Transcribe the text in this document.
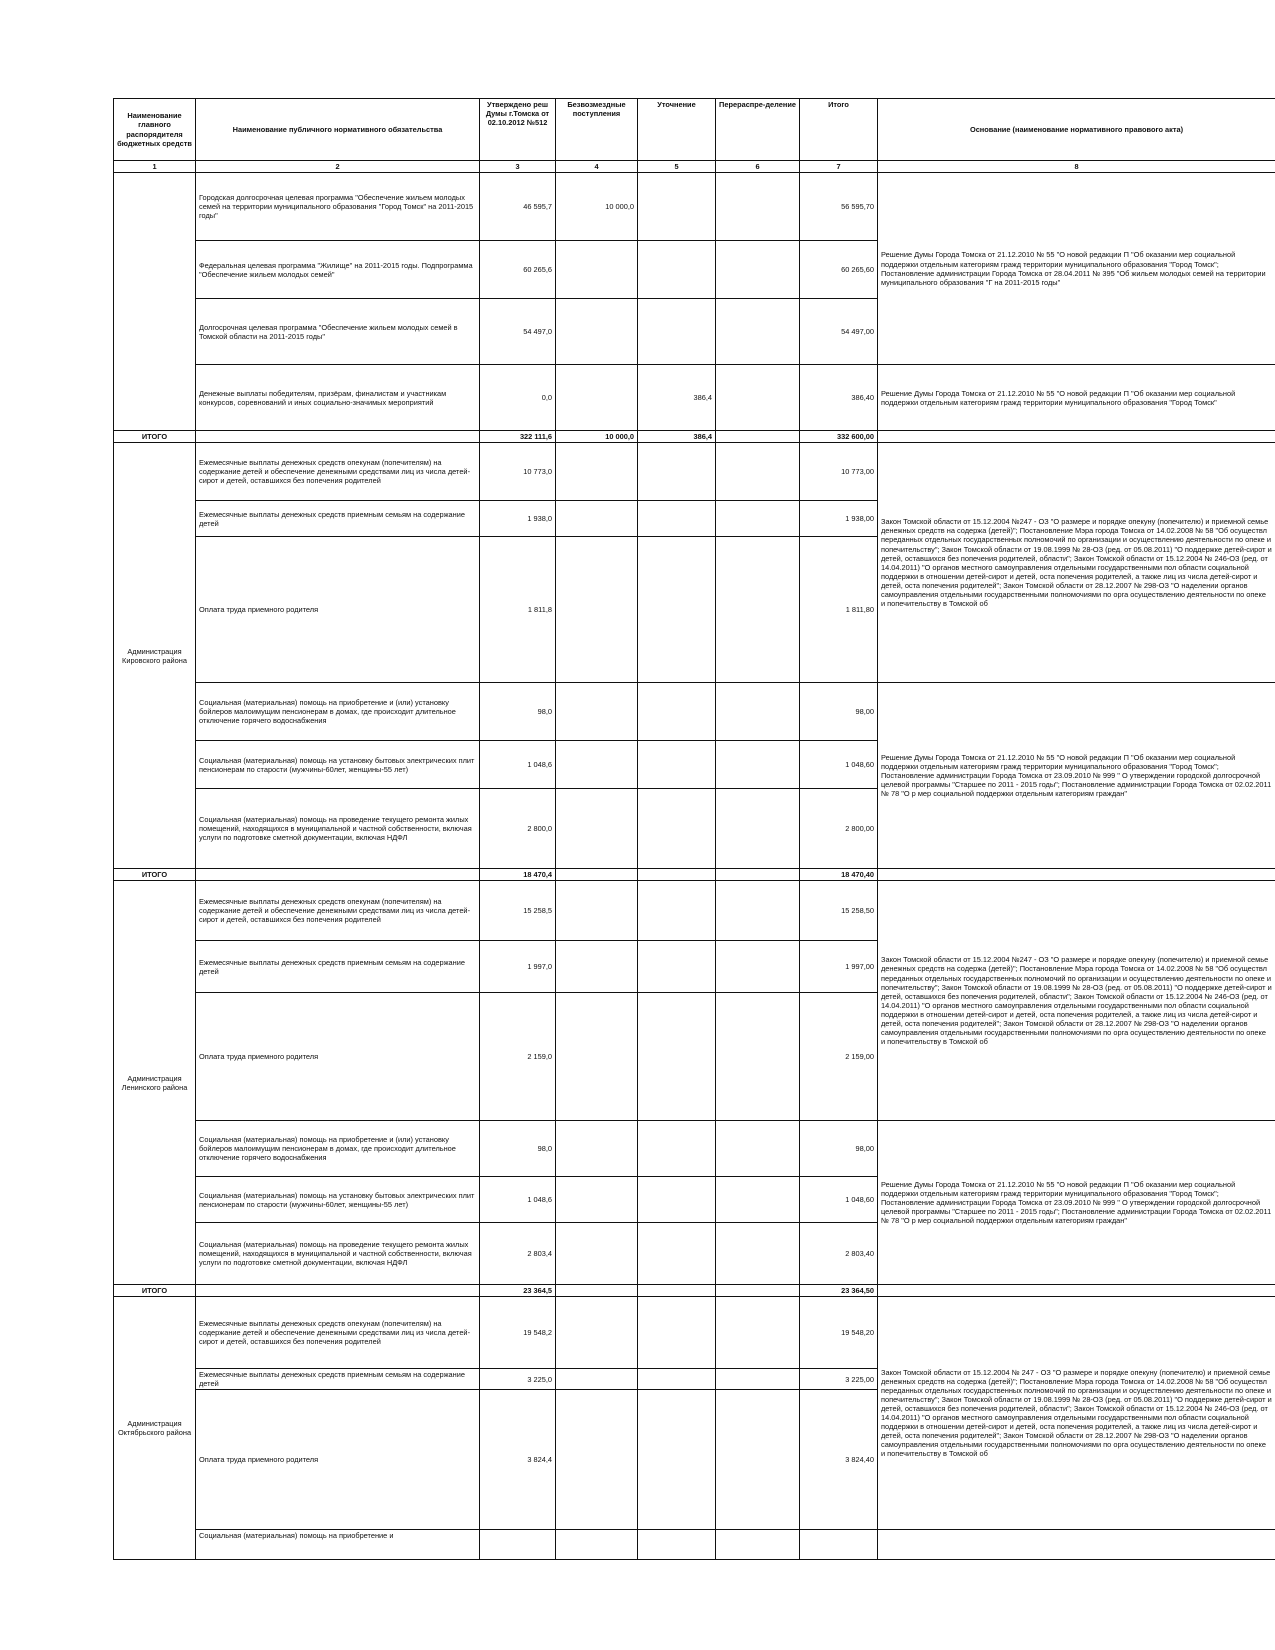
Наименование главного распорядителя бюджетных средств	Наименование публичного нормативного обязательства	Утверждено реш Думы г.Томска от 02.10.2012 №512	Безвозмездные поступления	Уточнение	Перераспре-деление	Итого	Основание (наименование нормативного правового акта)
1	2	3	4	5	6	7	8
	Городская долгосрочная целевая программа "Обеспечение жильем молодых семей на территории муниципального образования "Город Томск" на 2011-2015 годы"	46 595,7	10 000,0			56 595,70	Решение Думы Города Томска от 21.12.2010 № 55 "О новой редакции П "Об оказании мер социальной поддержки отдельным категориям гражд территории муниципального образования "Город Томск"; Постановление администрации Города Томска от 28.04.2011 № 395 "Об жильем молодых семей на территории муниципального образования "Г на 2011-2015 годы"
	Федеральная целевая программа "Жилище" на 2011-2015 годы. Подпрограмма "Обеспечение жильем молодых семей"	60 265,6				60 265,60	
	Долгосрочная целевая программа "Обеспечение жильем молодых семей в Томской области на 2011-2015 годы"	54 497,0				54 497,00	
	Денежные выплаты победителям, призёрам, финалистам и участникам конкурсов, соревнований и иных социально-значимых мероприятий	0,0		386,4		386,40	Решение Думы Города Томска от 21.12.2010 № 55 "О новой редакции П "Об оказании мер социальной поддержки отдельным категориям гражд территории муниципального образования "Город Томск"
ИТОГО		322 111,6	10 000,0	386,4		332 600,00	
Администрация Кировского района	Ежемесячные выплаты денежных средств опекунам (попечителям) на содержание детей и обеспечение денежными средствами лиц из числа детей-сирот и детей, оставшихся без попечения родителей	10 773,0				10 773,00	Закон Томской области от 15.12.2004 №247 - ОЗ "О размере и порядке опекуну (попечителю) и приемной семье денежных средств на содержа (детей)"; Постановление Мэра города Томска от 14.02.2008 № 58 "Об осуществл переданных отдельных государственных полномочий по организации и осуществлению деятельности по опеке и попечительству"; Закон Томской области от 19.08.1999 № 28-ОЗ (ред. от 05.08.2011) "О поддержке детей-сирот и детей, оставшихся без попечения родителей, области"; Закон Томской области от 15.12.2004 № 246-ОЗ (ред. от 14.04.2011) "О органов местного самоуправления отдельными государственными пол области социальной поддержки в отношении детей-сирот и детей, оста попечения родителей, а также лиц из числа детей-сирот и детей, оста попечения родителей"; Закон Томской области от 28.12.2007 № 298-ОЗ "О наделении органов самоуправления отдельными государственными полномочиями по орга осуществлению деятельности по опеке и попечительству в Томской об
	Ежемесячные выплаты денежных средств приемным семьям на содержание детей	1 938,0				1 938,00	
	Оплата труда приемного родителя	1 811,8				1 811,80	
	Социальная (материальная) помощь на приобретение и (или) установку бойлеров малоимущим пенсионерам в домах, где происходит длительное отключение горячего водоснабжения	98,0				98,00	Решение Думы Города Томска от 21.12.2010 № 55 "О новой редакции П "Об оказании мер социальной поддержки отдельным категориям гражд территории муниципального образования "Город Томск"; Постановление администрации Города Томска от 23.09.2010 № 999 " О утверждении городской долгосрочной целевой программы "Старшее по 2011 - 2015 годы"; Постановление администрации Города Томска от 02.02.2011 № 78 "О р мер социальной поддержки отдельным категориям граждан"
	Социальная (материальная) помощь на установку бытовых электрических плит пенсионерам по старости (мужчины-60лет, женщины-55 лет)	1 048,6				1 048,60	
	Социальная (материальная) помощь на проведение текущего ремонта жилых помещений, находящихся в муниципальной и частной собственности, включая услуги по подготовке сметной документации, включая НДФЛ	2 800,0				2 800,00	
ИТОГО		18 470,4				18 470,40	
Администрация Ленинского района	Ежемесячные выплаты денежных средств опекунам (попечителям) на содержание детей и обеспечение денежными средствами лиц из числа детей-сирот и детей, оставшихся без попечения родителей	15 258,5				15 258,50	Закон Томской области от 15.12.2004 №247 - ОЗ "О размере и порядке опекуну (попечителю) и приемной семье денежных средств на содержа (детей)"; Постановление Мэра города Томска от 14.02.2008 № 58 "Об осуществл переданных отдельных государственных полномочий по организации и осуществлению деятельности по опеке и попечительству"; Закон Томской области от 19.08.1999 № 28-ОЗ (ред. от 05.08.2011) "О поддержке детей-сирот и детей, оставшихся без попечения родителей, области"; Закон Томской области от 15.12.2004 № 246-ОЗ (ред. от 14.04.2011) "О органов местного самоуправления отдельными государственными пол области социальной поддержки в отношении детей-сирот и детей, оста попечения родителей, а также лиц из числа детей-сирот и детей, оста попечения родителей"; Закон Томской области от 28.12.2007 № 298-ОЗ "О наделении органов самоуправления отдельными государственными полномочиями по орга осуществлению деятельности по опеке и попечительству в Томской об
	Ежемесячные выплаты денежных средств приемным семьям на содержание детей	1 997,0				1 997,00	
	Оплата труда приемного родителя	2 159,0				2 159,00	
	Социальная (материальная) помощь на приобретение и (или) установку бойлеров малоимущим пенсионерам в домах, где происходит длительное отключение горячего водоснабжения	98,0				98,00	Решение Думы Города Томска от 21.12.2010 № 55 "О новой редакции П "Об оказании мер социальной поддержки отдельным категориям гражд территории муниципального образования "Город Томск"; Постановление администрации Города Томска от 23.09.2010 № 999 " О утверждении городской долгосрочной целевой программы "Старшее по 2011 - 2015 годы"; Постановление администрации Города Томска от 02.02.2011 № 78 "О р мер социальной поддержки отдельным категориям граждан"
	Социальная (материальная) помощь на установку бытовых электрических плит пенсионерам по старости (мужчины-60лет, женщины-55 лет)	1 048,6				1 048,60	
	Социальная (материальная) помощь на проведение текущего ремонта жилых помещений, находящихся в муниципальной и частной собственности, включая услуги по подготовке сметной документации, включая НДФЛ	2 803,4				2 803,40	
ИТОГО		23 364,5				23 364,50	
Администрация Октябрьского района	Ежемесячные выплаты денежных средств опекунам (попечителям) на содержание детей и обеспечение денежными средствами лиц из числа детей-сирот и детей, оставшихся без попечения родителей	19 548,2				19 548,20	Закон Томской области от 15.12.2004 № 247 - ОЗ "О размере и порядке опекуну (попечителю) и приемной семье денежных средств на содержа (детей)"; Постановление Мэра города Томска от 14.02.2008 № 58 "Об осуществл переданных отдельных государственных полномочий по организации и осуществлению деятельности по опеке и попечительству"; Закон Томской области от 19.08.1999 № 28-ОЗ (ред. от 05.08.2011) "О поддержке детей-сирот и детей, оставшихся без попечения родителей, области"; Закон Томской области от 15.12.2004 № 246-ОЗ (ред. от 14.04.2011) "О органов местного самоуправления отдельными государственными пол области социальной поддержки в отношении детей-сирот и детей, оста попечения родителей, а также лиц из числа детей-сирот и детей, оста попечения родителей"; Закон Томской области от 28.12.2007 № 298-ОЗ "О наделении органов самоуправления отдельными государственными полномочиями по орга осуществлению деятельности по опеке и попечительству в Томской об
	Ежемесячные выплаты денежных средств приемным семьям на содержание детей	3 225,0				3 225,00	
	Оплата труда приемного родителя	3 824,4				3 824,40	
	Социальная (материальная) помощь на приобретение и						
